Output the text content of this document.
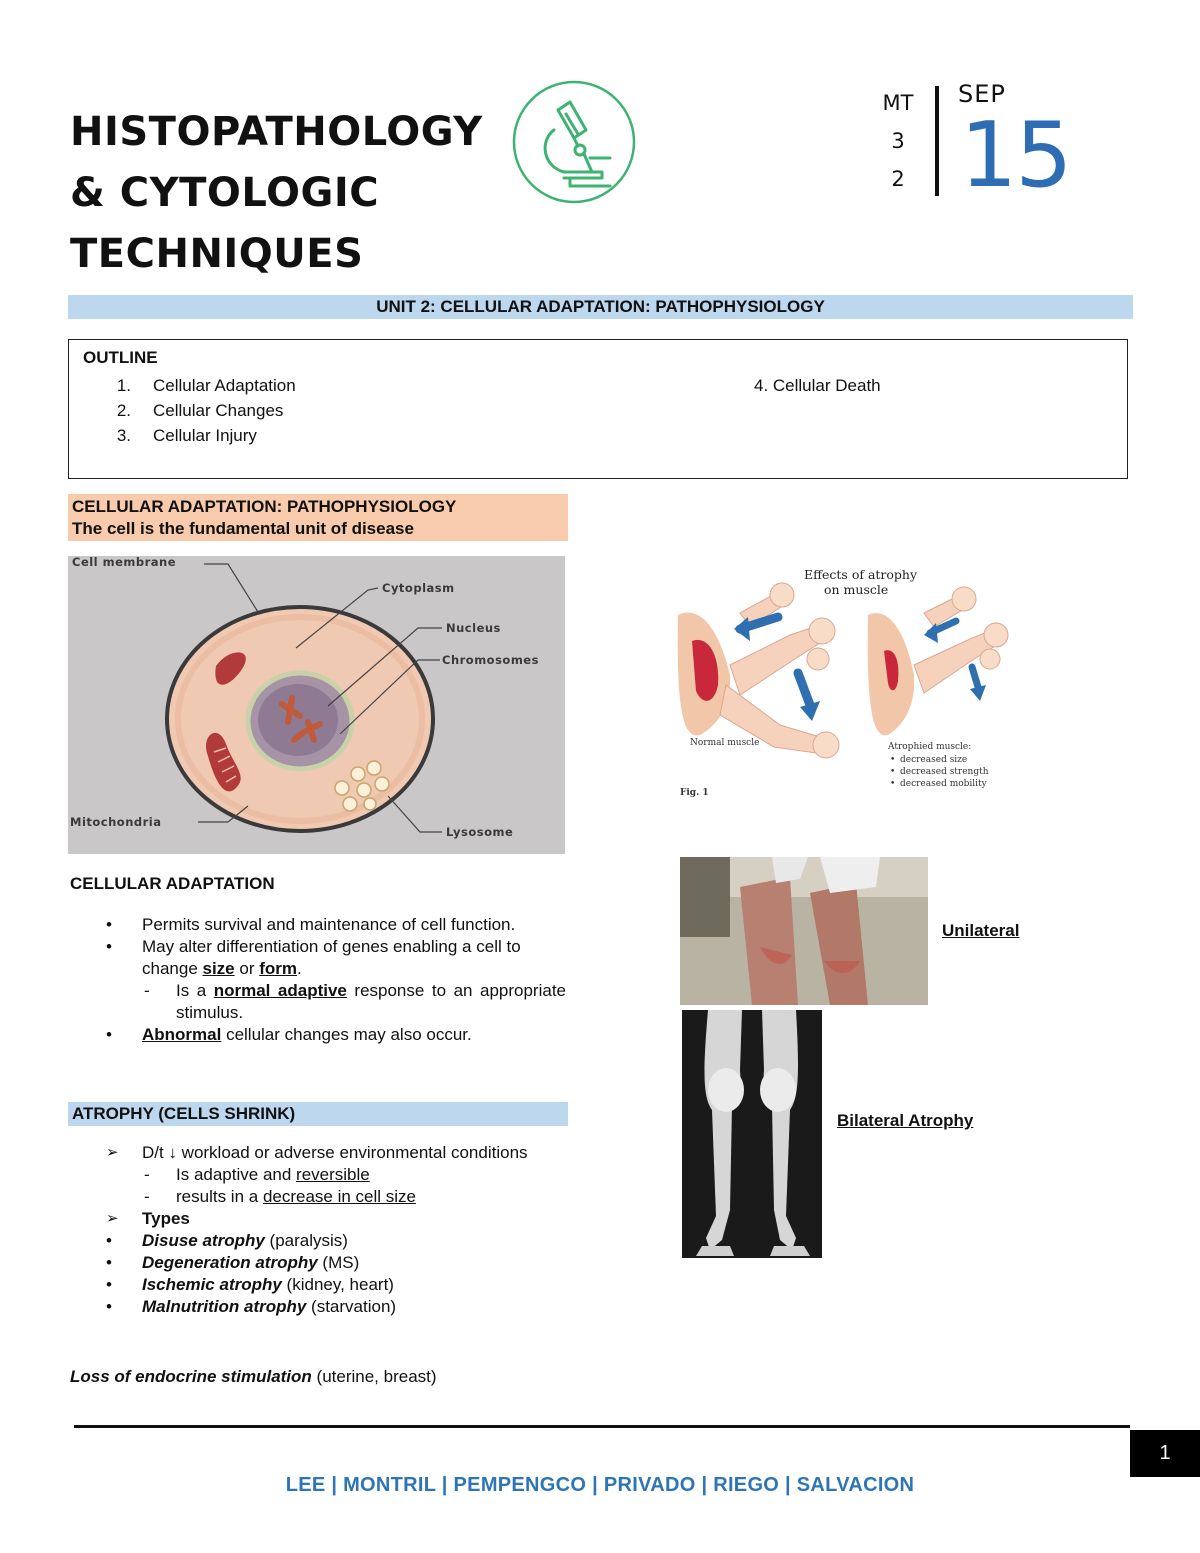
HISTOPATHOLOGY
& CYTOLOGIC
TECHNIQUES
MT
3
2
SEP
15
UNIT 2: CELLULAR ADAPTATION: PATHOPHYSIOLOGY
OUTLINE
1. Cellular Adaptation
2. Cellular Changes
3. Cellular Injury
4. Cellular Death
CELLULAR ADAPTATION: PATHOPHYSIOLOGY
The cell is the fundamental unit of disease
Cell membrane
Cytoplasm
Nucleus
Chromosomes
Mitochondria
Lysosome
CELLULAR ADAPTATION
• Permits survival and maintenance of cell function.
• May alter differentiation of genes enabling a cell to change size or form.
- Is a normal adaptive response to an appropriate stimulus.
• Abnormal cellular changes may also occur.
ATROPHY (CELLS SHRINK)
➢ D/t ↓ workload or adverse environmental conditions
- Is adaptive and reversible
- results in a decrease in cell size
➢ Types
• Disuse atrophy (paralysis)
• Degeneration atrophy (MS)
• Ischemic atrophy (kidney, heart)
• Malnutrition atrophy (starvation)
Loss of endocrine stimulation (uterine, breast)
Effects of atrophy
on muscle
Normal muscle	Atrophied muscle:
• decreased size
• decreased strength
• decreased mobility
Fig. 1
Unilateral
Bilateral Atrophy
1
LEE | MONTRIL | PEMPENGCO | PRIVADO | RIEGO | SALVACION
